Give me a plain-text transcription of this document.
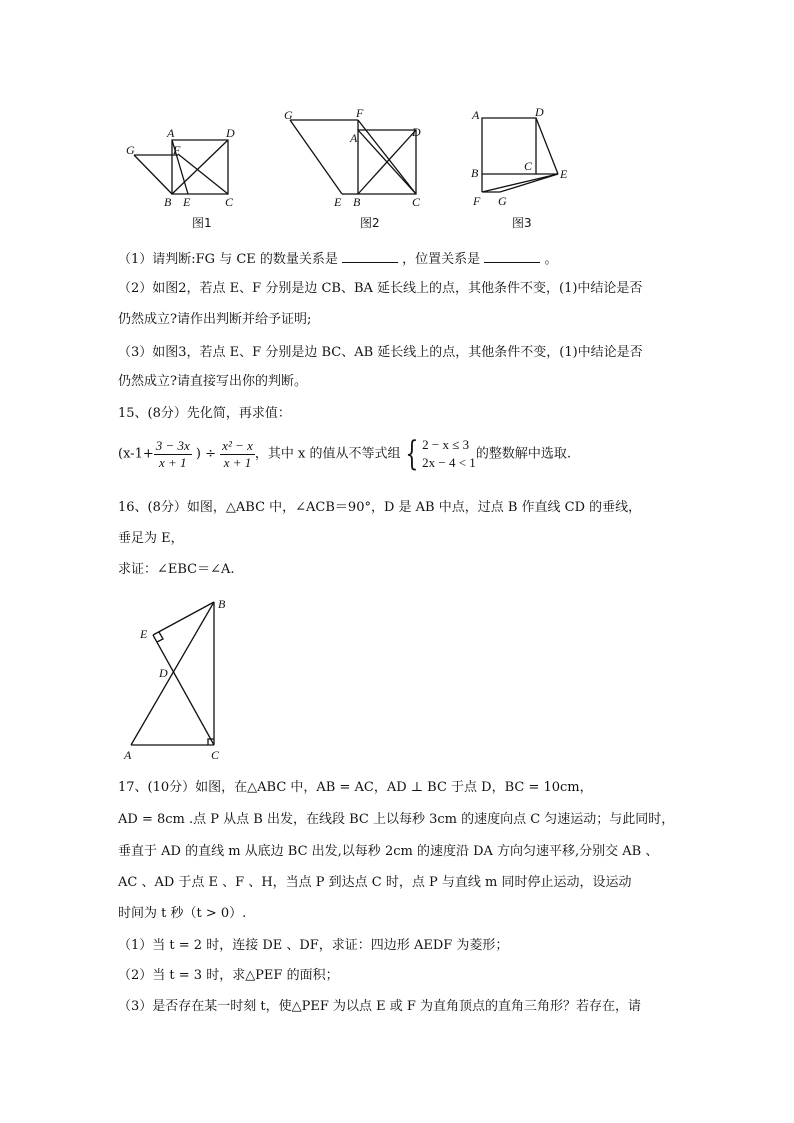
A	D
G	F
B E	C
图1
G	F
D
A
E B	C
图2
A	D
C
B	E
F G
图3
（1）请判断:FG 与 CE 的数量关系是	，位置关系是	。
（2）如图2，若点 E、F 分别是边 CB、BA 延长线上的点，其他条件不变，(1)中结论是否
仍然成立?请作出判断并给予证明;
（3）如图3，若点 E、F 分别是边 BC、AB 延长线上的点，其他条件不变，(1)中结论是否
仍然成立?请直接写出你的判断。
15、(8分）先化简，再求值：
($x-1+ \frac{3 - 3x}{x + 1}$ ) ÷ $\frac{\text{x² − x}}{x + 1}$ ，其中 x 的值从不等式组 { 2 − x ≤ 3
2x − 4 < 1
的整数解中选取.
16、(8分）如图，△ABC 中，∠ACB＝90°，D 是 AB 中点，过点 B 作直线 CD 的垂线，
垂足为 E，
求证：∠EBC＝∠A.
B
E
D
A	C
17、(10分）如图，在△ABC 中，AB = AC，AD ⊥ BC 于点 D，BC = 10cm，
AD = 8cm .点 P 从点 B 出发，在线段 BC 上以每秒 3cm 的速度向点 C 匀速运动；与此同时，
垂直于 AD 的直线 m 从底边 BC 出发,以每秒 2cm 的速度沿 DA 方向匀速平移,分别交 AB 、
AC 、AD 于点 E 、F 、H，当点 P 到达点 C 时，点 P 与直线 m 同时停止运动，设运动
时间为 t 秒（t > 0）.
（1）当 t = 2 时，连接 DE 、DF，求证：四边形 AEDF 为菱形；
（2）当 t = 3 时，求△PEF 的面积；
（3）是否存在某一时刻 t，使△PEF 为以点 E 或 F 为直角顶点的直角三角形？若存在，请
